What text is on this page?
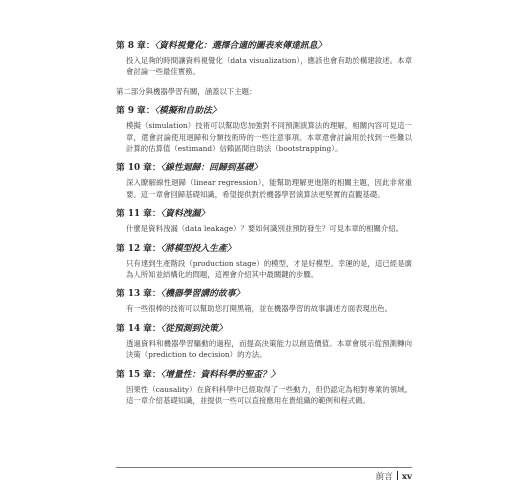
第 8 章：〈資料視覺化：選擇合適的圖表來傳達訊息〉

投入足夠的時間讓資料視覺化（data visualization），應該也會有助於構建敘述。本章會討論一些最佳實務。

第二部分與機器學習有關，涵蓋以下主題：

第 9 章：〈模擬和自助法〉

模擬（simulation）技術可以幫助您加強對不同預測演算法的理解，相關內容可見這一章，還會討論使用迴歸和分類技術時的一些注意事項。本章還會討論用於找到一些難以計算的估算值（estimand）信賴區間自助法（bootstrapping）。

第 10 章：〈線性迴歸：回歸到基礎〉

深入瞭解線性迴歸（linear regression），能幫助理解更進階的相關主題，因此非常重要。這一章會回歸基礎知識，希望提供對於機器學習演算法更堅實的直觀基礎。

第 11 章：〈資料洩漏〉

什麼是資料洩漏（data leakage）？要如何識別並預防發生？可見本章的相關介紹。

第 12 章：〈將模型投入生產〉

只有達到生產階段（production stage）的模型，才是好模型。幸運的是，這已經是廣為人所知並結構化的問題，這裡會介紹其中最關鍵的步驟。

第 13 章：〈機器學習講的故事〉

有一些很棒的技術可以幫助您打開黑箱，並在機器學習的故事講述方面表現出色。

第 14 章：〈從預測到決策〉

透過資料和機器學習驅動的過程，而提高決策能力以創造價值。本章會展示從預測轉向決策（prediction to decision）的方法。

第 15 章：〈增量性：資料科學的聖盃？〉

因果性（causality）在資料科學中已經取得了一些動力，但仍認定為相對專業的領域。這一章介紹基礎知識，並提供一些可以直接應用在貴組織的範例和程式碼。

前言 xv
